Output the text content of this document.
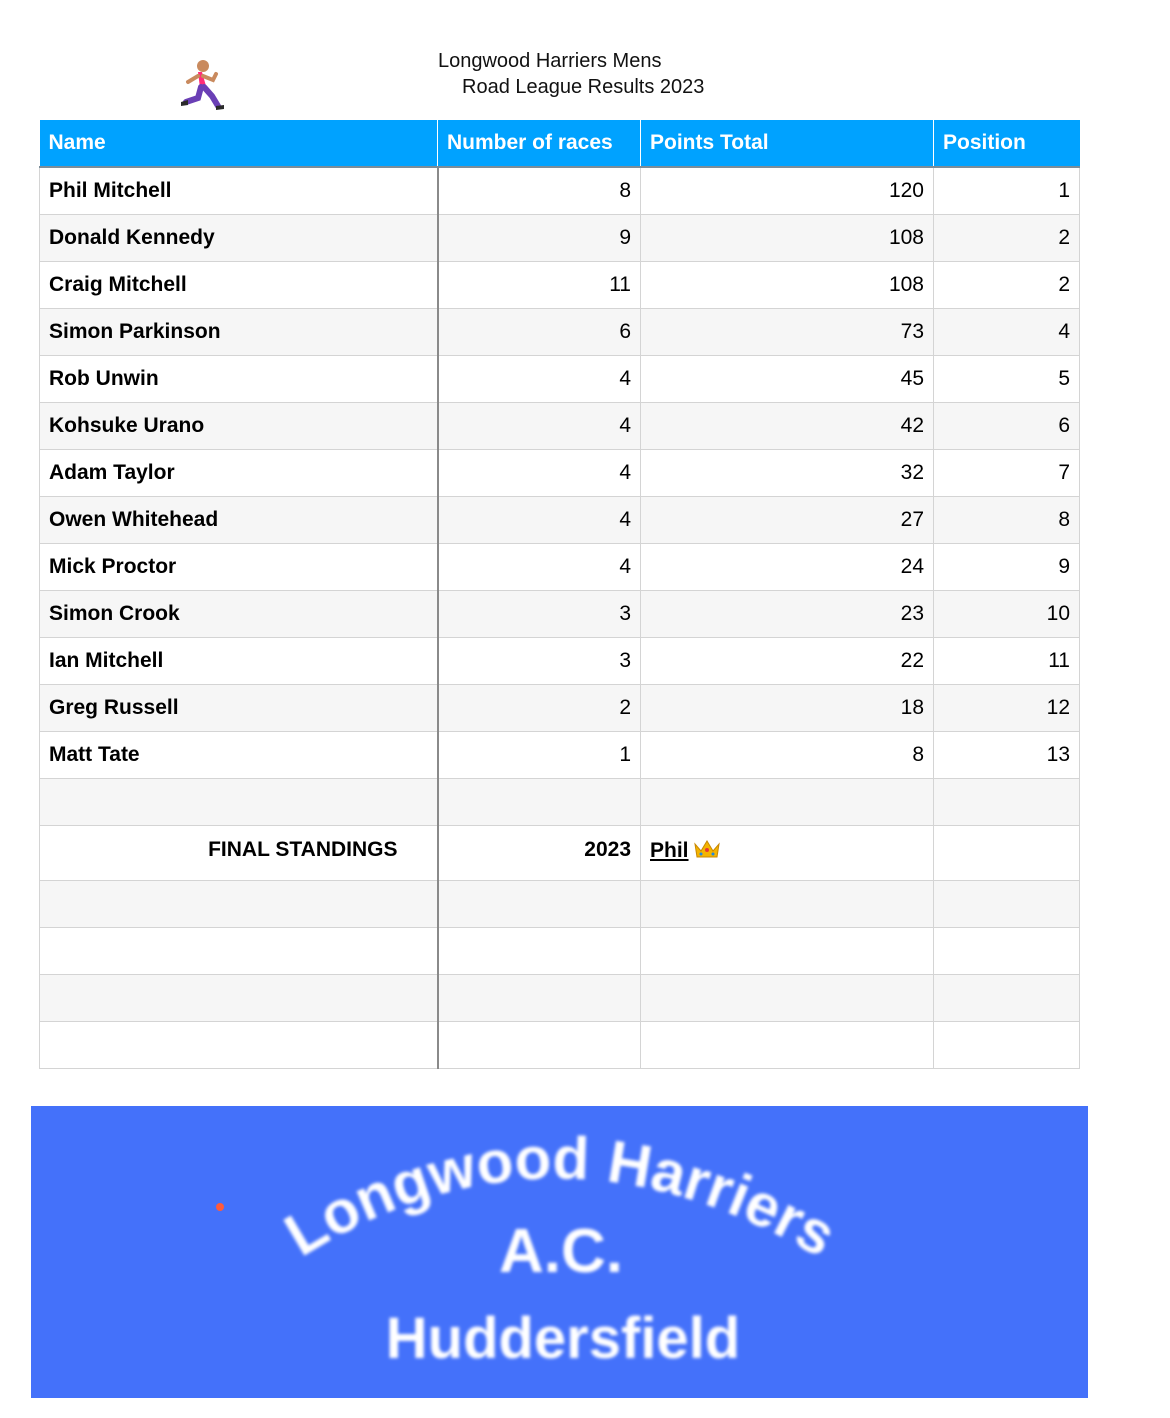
Longwood Harriers Mens
Road League Results 2023
Name	Number of races	Points Total	Position
Phil Mitchell	8	120	1
Donald Kennedy	9	108	2
Craig Mitchell	11	108	2
Simon Parkinson	6	73	4
Rob Unwin	4	45	5
Kohsuke Urano	4	42	6
Adam Taylor	4	32	7
Owen Whitehead	4	27	8
Mick Proctor	4	24	9
Simon Crook	3	23	10
Ian Mitchell	3	22	11
Greg Russell	2	18	12
Matt Tate	1	8	13

FINAL STANDINGS	2023	Phil	

Longwood Harriers
A.C.
Huddersfield
